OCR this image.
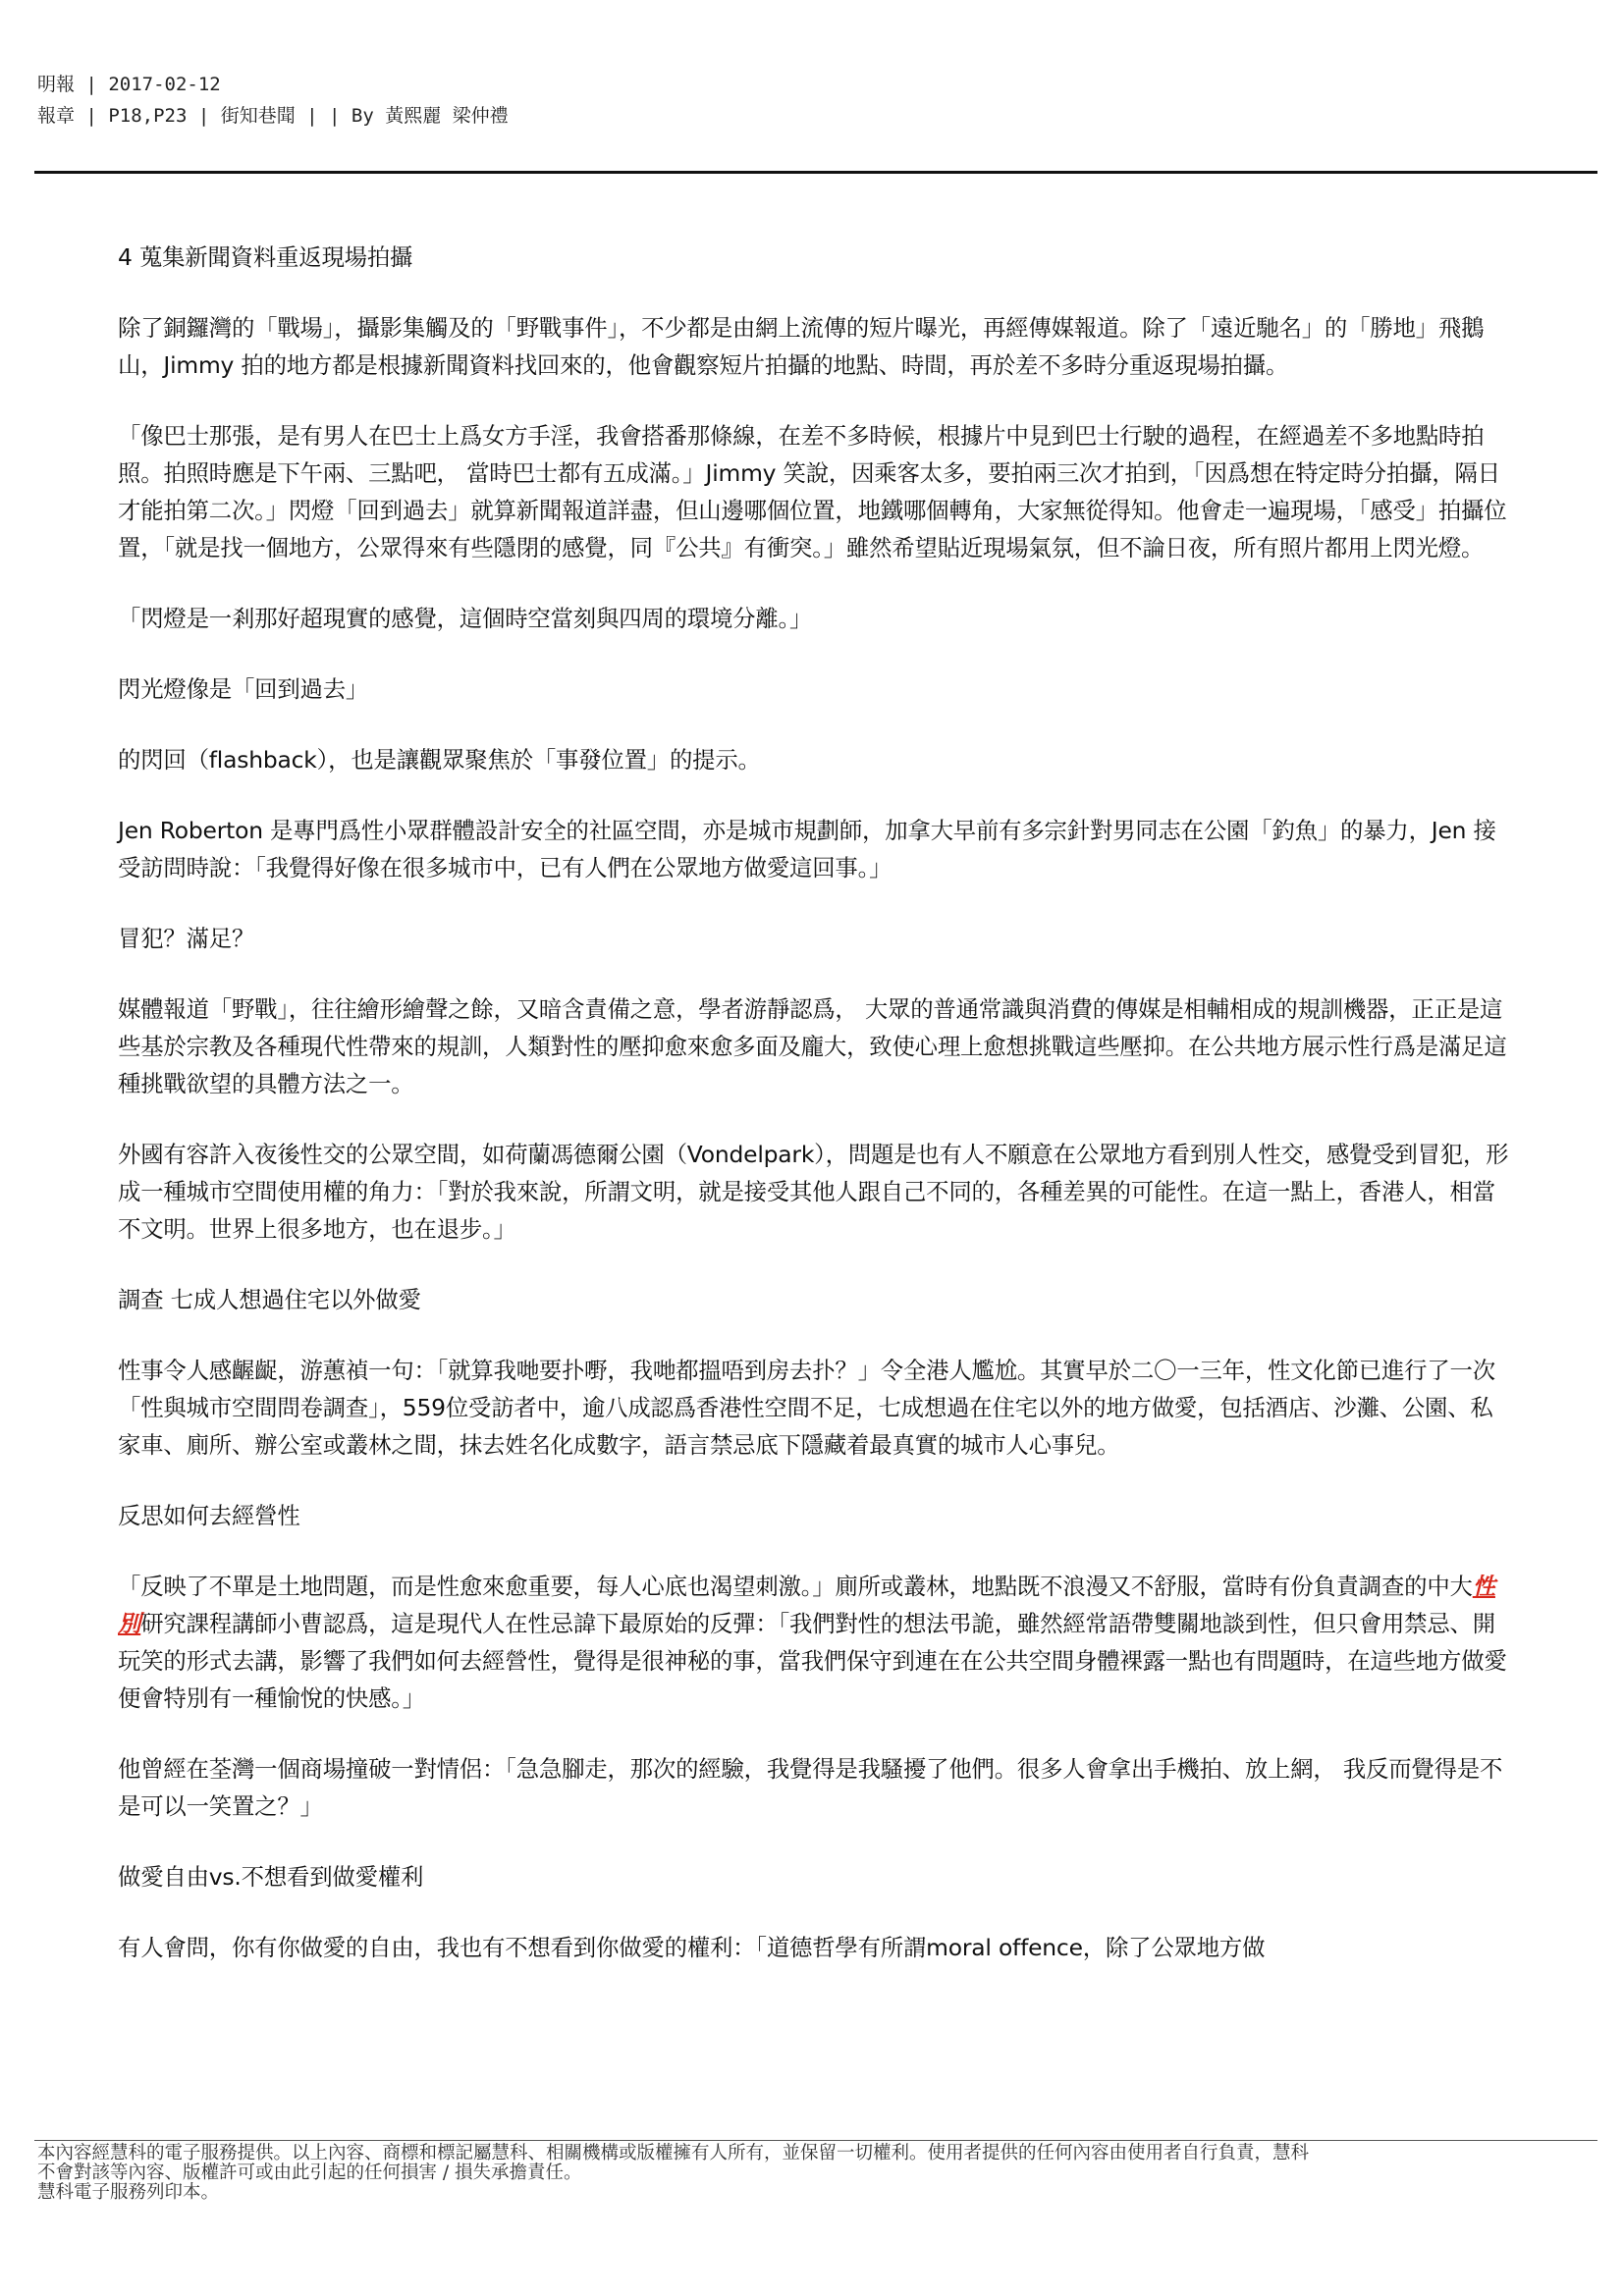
明報 | 2017-02-12
報章 | P18,P23 | 街知巷聞 | | By 黃熙麗 梁仲禮

4 蒐集新聞資料重返現場拍攝

除了銅鑼灣的「戰場」，攝影集觸及的「野戰事件」，不少都是由網上流傳的短片曝光，再經傳媒報道。除了「遠近馳名」的「勝地」飛鵝山，Jimmy 拍的地方都是根據新聞資料找回來的，他會觀察短片拍攝的地點、時間，再於差不多時分重返現場拍攝。

「像巴士那張，是有男人在巴士上爲女方手淫，我會搭番那條線，在差不多時候，根據片中見到巴士行駛的過程，在經過差不多地點時拍照。拍照時應是下午兩、三點吧， 當時巴士都有五成滿。」Jimmy 笑說，因乘客太多，要拍兩三次才拍到，「因爲想在特定時分拍攝，隔日才能拍第二次。」閃燈「回到過去」就算新聞報道詳盡，但山邊哪個位置，地鐵哪個轉角，大家無從得知。他會走一遍現場，「感受」拍攝位置，「就是找一個地方，公眾得來有些隱閉的感覺，同『公共』有衝突。」雖然希望貼近現場氣氛，但不論日夜，所有照片都用上閃光燈。

「閃燈是一剎那好超現實的感覺，這個時空當刻與四周的環境分離。」

閃光燈像是「回到過去」

的閃回（flashback），也是讓觀眾聚焦於「事發位置」的提示。

Jen Roberton 是專門爲性小眾群體設計安全的社區空間，亦是城市規劃師，加拿大早前有多宗針對男同志在公園「釣魚」的暴力，Jen 接受訪問時說：「我覺得好像在很多城市中，已有人們在公眾地方做愛這回事。」

冒犯？滿足？

媒體報道「野戰」，往往繪形繪聲之餘，又暗含責備之意，學者游靜認爲， 大眾的普通常識與消費的傳媒是相輔相成的規訓機器，正正是這些基於宗教及各種現代性帶來的規訓，人類對性的壓抑愈來愈多面及龐大，致使心理上愈想挑戰這些壓抑。在公共地方展示性行爲是滿足這種挑戰欲望的具體方法之一。

外國有容許入夜後性交的公眾空間，如荷蘭馮德爾公園（Vondelpark），問題是也有人不願意在公眾地方看到別人性交，感覺受到冒犯，形成一種城市空間使用權的角力：「對於我來說，所謂文明，就是接受其他人跟自己不同的，各種差異的可能性。在這一點上，香港人，相當不文明。世界上很多地方，也在退步。」

調查 七成人想過住宅以外做愛

性事令人感齷齪，游蕙禎一句：「就算我哋要扑嘢，我哋都搵唔到房去扑？」令全港人尷尬。其實早於二〇一三年，性文化節已進行了一次「性與城市空間問卷調查」，559位受訪者中，逾八成認爲香港性空間不足，七成想過在住宅以外的地方做愛，包括酒店、沙灘、公園、私家車、廁所、辦公室或叢林之間，抹去姓名化成數字，語言禁忌底下隱藏着最真實的城市人心事兒。

反思如何去經營性

「反映了不單是土地問題，而是性愈來愈重要，每人心底也渴望刺激。」廁所或叢林，地點既不浪漫又不舒服，當時有份負責調查的中大性別研究課程講師小曹認爲，這是現代人在性忌諱下最原始的反彈：「我們對性的想法弔詭，雖然經常語帶雙關地談到性，但只會用禁忌、開玩笑的形式去講，影響了我們如何去經營性，覺得是很神秘的事，當我們保守到連在在公共空間身體裸露一點也有問題時，在這些地方做愛便會特別有一種愉悅的快感。」

他曾經在荃灣一個商場撞破一對情侶：「急急腳走，那次的經驗，我覺得是我騷擾了他們。很多人會拿出手機拍、放上網， 我反而覺得是不是可以一笑置之？」

做愛自由vs.不想看到做愛權利

有人會問，你有你做愛的自由，我也有不想看到你做愛的權利：「道德哲學有所謂moral offence，除了公眾地方做

本內容經慧科的電子服務提供。以上內容、商標和標記屬慧科、相關機構或版權擁有人所有，並保留一切權利。使用者提供的任何內容由使用者自行負責，慧科
不會對該等內容、版權許可或由此引起的任何損害 / 損失承擔責任。
慧科電子服務列印本。
